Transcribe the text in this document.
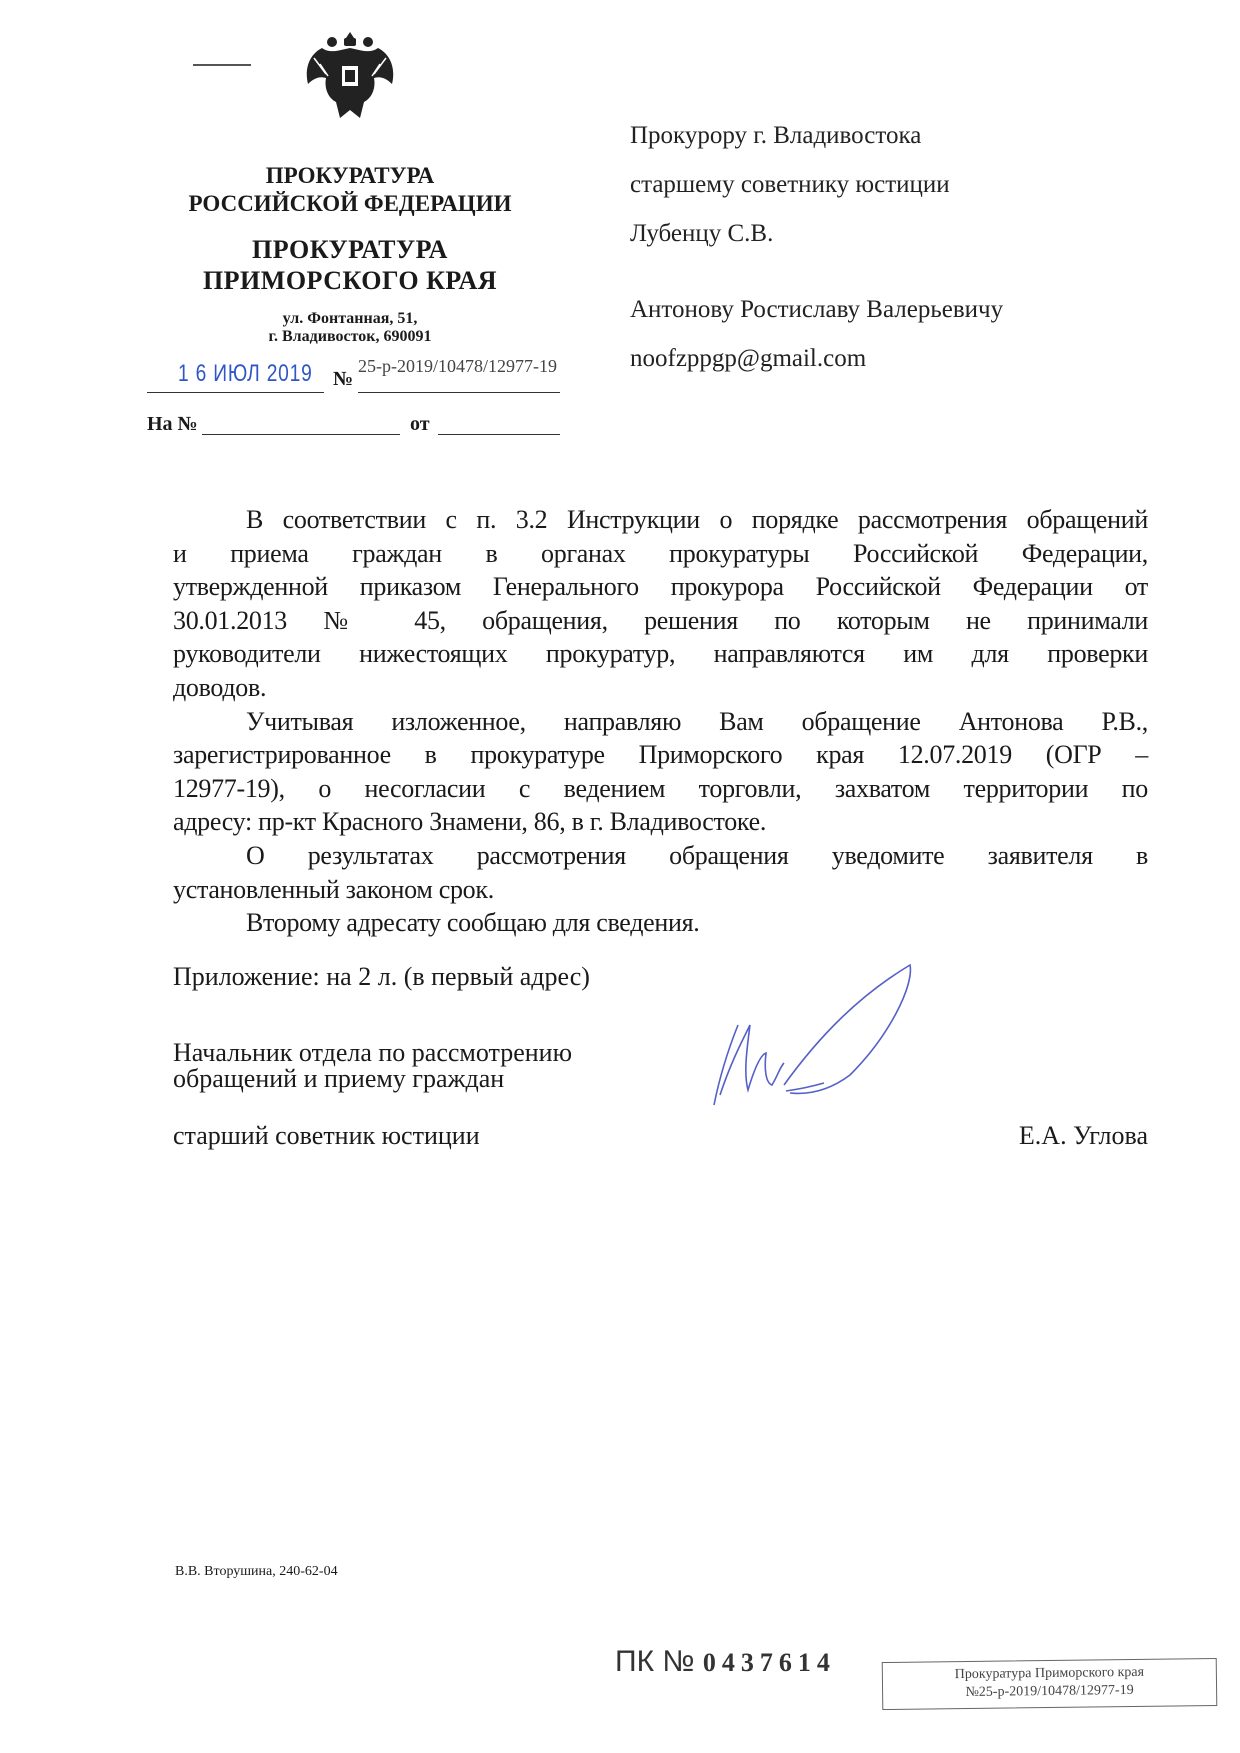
ПРОКУРАТУРА
РОССИЙСКОЙ ФЕДЕРАЦИИ
ПРОКУРАТУРА
ПРИМОРСКОГО КРАЯ
ул. Фонтанная, 51,
г. Владивосток, 690091
1 6 ИЮЛ 2019 №
25-р-2019/10478/12977-19
На №	от
Прокурору г. Владивостока
старшему советнику юстиции
Лубенцу С.В.
Антонову Ростиславу Валерьевичу
noofzppgp@gmail.com
В соответствии с п. 3.2 Инструкции о порядке рассмотрения обращений
и приема граждан в органах прокуратуры Российской Федерации,
утвержденной приказом Генерального прокурора Российской Федерации от
30.01.2013 № 45, обращения, решения по которым не принимали
руководители нижестоящих прокуратур, направляются им для проверки
доводов.
Учитывая изложенное, направляю Вам обращение Антонова Р.В.,
зарегистрированное в прокуратуре Приморского края 12.07.2019 (ОГР –
12977-19), о несогласии с ведением торговли, захватом территории по
адресу: пр-кт Красного Знамени, 86, в г. Владивостоке.
О результатах рассмотрения обращения уведомите заявителя в
установленный законом срок.
Второму адресату сообщаю для сведения.
Приложение: на 2 л. (в первый адрес)
Начальник отдела по рассмотрению
обращений и приему граждан
старший советник юстиции	Е.А. Углова
В.В. Вторушина, 240-62-04
ПК № 0437614	Прокуратура Приморского края
№25-р-2019/10478/12977-19
